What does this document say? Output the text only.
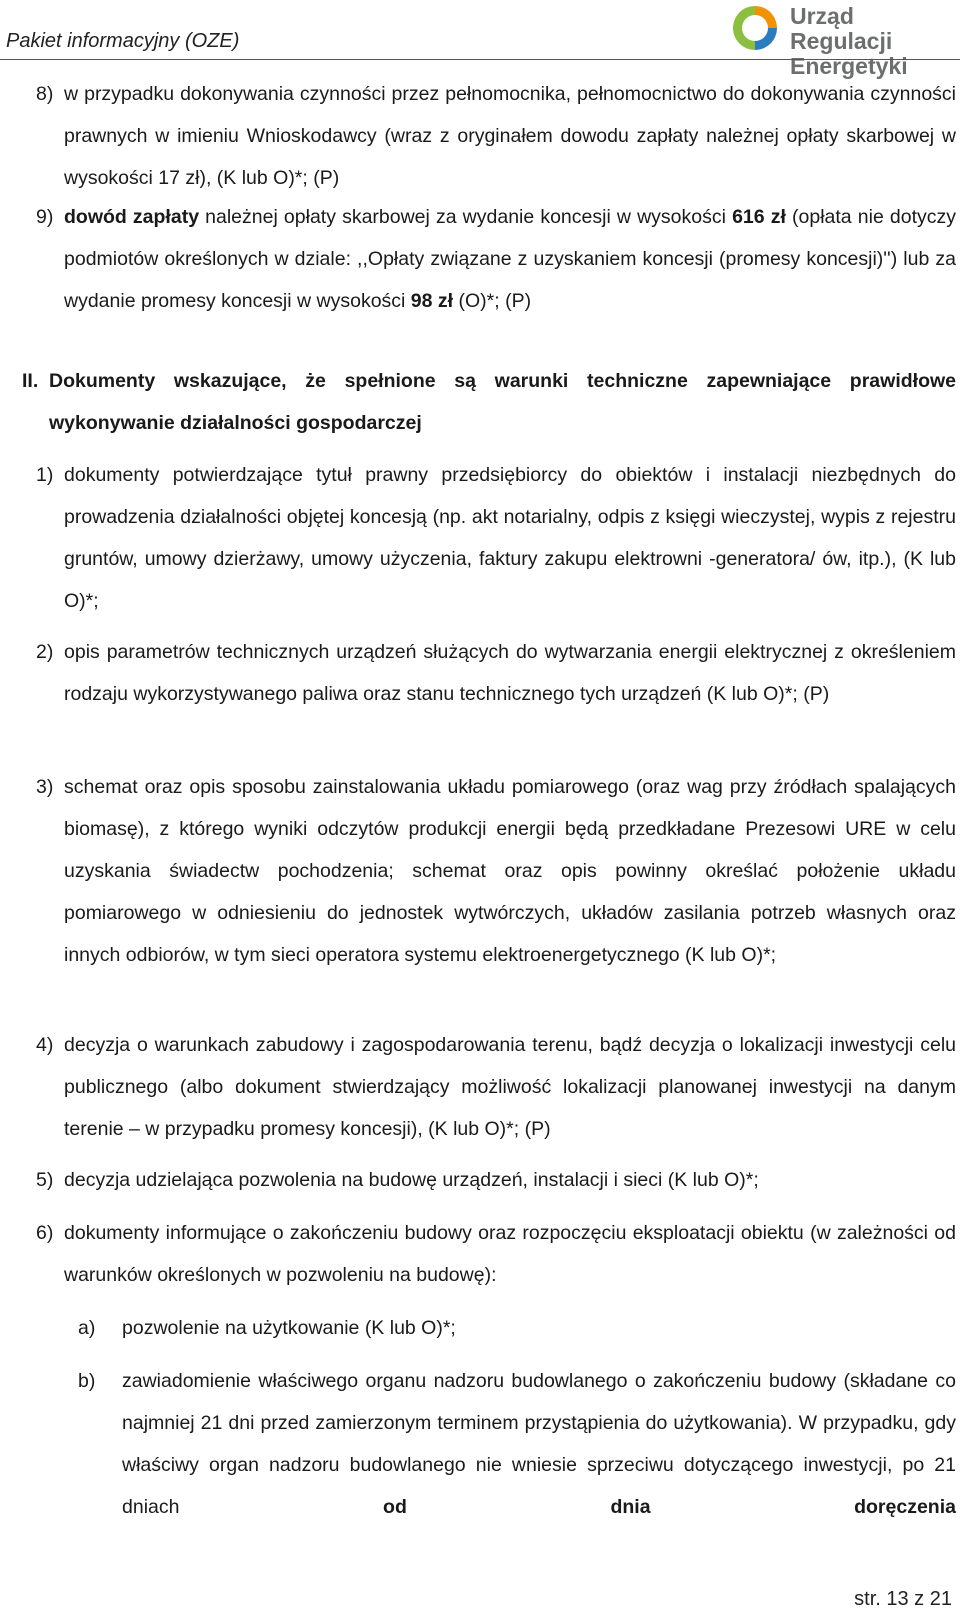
Pakiet informacyjny (OZE)
Urząd Regulacji
Energetyki
8) w przypadku dokonywania czynności przez pełnomocnika, pełnomocnictwo do dokonywania czynności prawnych w imieniu Wnioskodawcy (wraz z oryginałem dowodu zapłaty należnej opłaty skarbowej w wysokości 17 zł), (K lub O)*; (P)
9) dowód zapłaty należnej opłaty skarbowej za wydanie koncesji w wysokości 616 zł (opłata nie dotyczy podmiotów określonych w dziale: ,,Opłaty związane z uzyskaniem koncesji (promesy koncesji)'') lub za wydanie promesy koncesji w wysokości 98 zł (O)*; (P)
II. Dokumenty wskazujące, że spełnione są warunki techniczne zapewniające prawidłowe wykonywanie działalności gospodarczej
1) dokumenty potwierdzające tytuł prawny przedsiębiorcy do obiektów i instalacji niezbędnych do prowadzenia działalności objętej koncesją (np. akt notarialny, odpis z księgi wieczystej, wypis z rejestru gruntów, umowy dzierżawy, umowy użyczenia, faktury zakupu elektrowni -generatora/ ów, itp.), (K lub O)*;
2) opis parametrów technicznych urządzeń służących do wytwarzania energii elektrycznej z określeniem rodzaju wykorzystywanego paliwa oraz stanu technicznego tych urządzeń (K lub O)*; (P)
3) schemat oraz opis sposobu zainstalowania układu pomiarowego (oraz wag przy źródłach spalających biomasę), z którego wyniki odczytów produkcji energii będą przedkładane Prezesowi URE w celu uzyskania świadectw pochodzenia; schemat oraz opis powinny określać położenie układu pomiarowego w odniesieniu do jednostek wytwórczych, układów zasilania potrzeb własnych oraz innych odbiorów, w tym sieci operatora systemu elektroenergetycznego (K lub O)*;
4) decyzja o warunkach zabudowy i zagospodarowania terenu, bądź decyzja o lokalizacji inwestycji celu publicznego (albo dokument stwierdzający możliwość lokalizacji planowanej inwestycji na danym terenie – w przypadku promesy koncesji), (K lub O)*; (P)
5) decyzja udzielająca pozwolenia na budowę urządzeń, instalacji i sieci (K lub O)*;
6) dokumenty informujące o zakończeniu budowy oraz rozpoczęciu eksploatacji obiektu (w zależności od warunków określonych w pozwoleniu na budowę):
a)	pozwolenie na użytkowanie (K lub O)*;
b)	zawiadomienie właściwego organu nadzoru budowlanego o zakończeniu budowy (składane co najmniej 21 dni przed zamierzonym terminem przystąpienia do użytkowania). W przypadku, gdy właściwy organ nadzoru budowlanego nie wniesie sprzeciwu dotyczącego inwestycji, po 21 dniach od dnia doręczenia
str. 13 z 21
